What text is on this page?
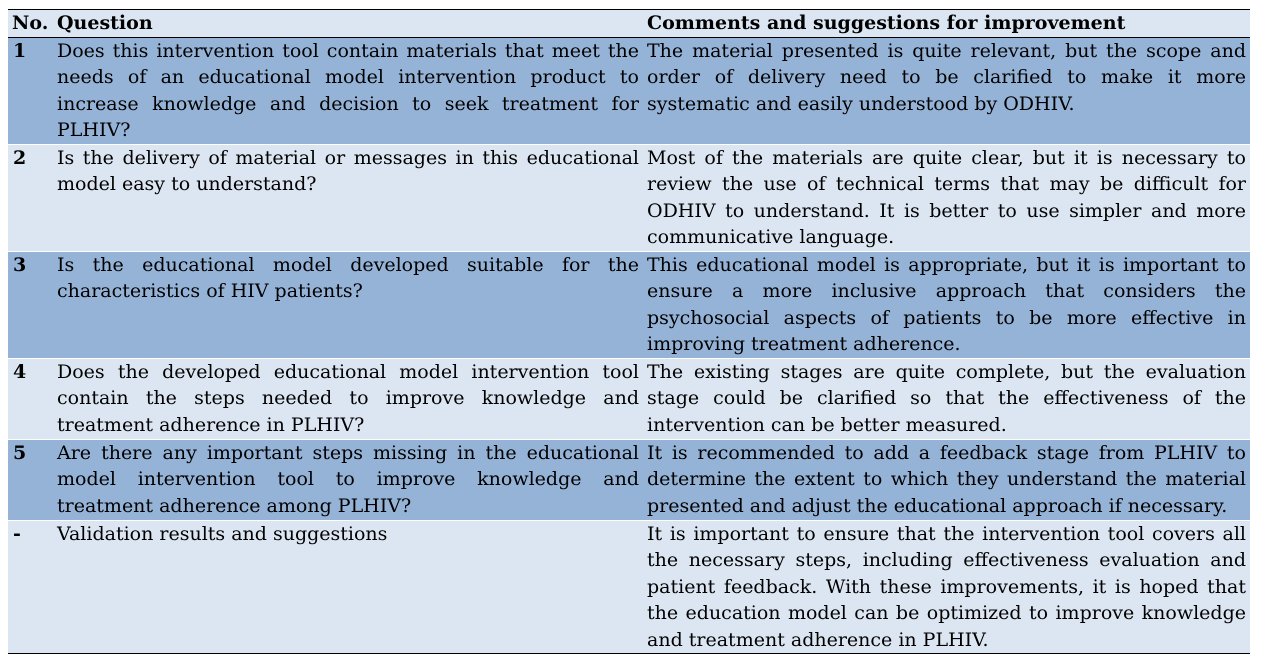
No.	Question	Comments and suggestions for improvement
1	Does this intervention tool contain materials that meet the needs of an educational model intervention product to increase knowledge and decision to seek treatment for PLHIV?	The material presented is quite relevant, but the scope and order of delivery need to be clarified to make it more systematic and easily understood by ODHIV.
2	Is the delivery of material or messages in this educational model easy to understand?	Most of the materials are quite clear, but it is necessary to review the use of technical terms that may be difficult for ODHIV to understand. It is better to use simpler and more communicative language.
3	Is the educational model developed suitable for the characteristics of HIV patients?	This educational model is appropriate, but it is important to ensure a more inclusive approach that considers the psychosocial aspects of patients to be more effective in improving treatment adherence.
4	Does the developed educational model intervention tool contain the steps needed to improve knowledge and treatment adherence in PLHIV?	The existing stages are quite complete, but the evaluation stage could be clarified so that the effectiveness of the intervention can be better measured.
5	Are there any important steps missing in the educational model intervention tool to improve knowledge and treatment adherence among PLHIV?	It is recommended to add a feedback stage from PLHIV to determine the extent to which they understand the material presented and adjust the educational approach if necessary.
-	Validation results and suggestions	It is important to ensure that the intervention tool covers all the necessary steps, including effectiveness evaluation and patient feedback. With these improvements, it is hoped that the education model can be optimized to improve knowledge and treatment adherence in PLHIV.
